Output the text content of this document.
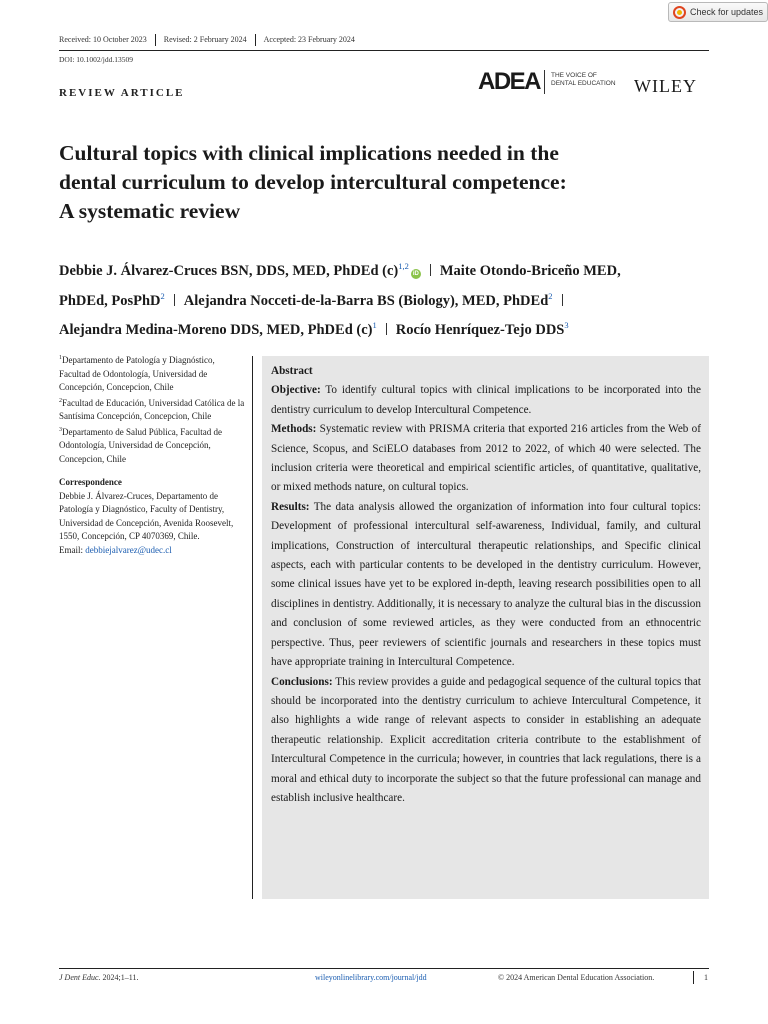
Check for updates
Received: 10 October 2023	Revised: 2 February 2024	Accepted: 23 February 2024
DOI: 10.1002/jdd.13509
REVIEW ARTICLE	ADEA THE VOICE OF
DENTAL EDUCATION	WILEY
Cultural topics with clinical implications needed in the
dental curriculum to develop intercultural competence:
A systematic review
Debbie J. Álvarez-Cruces BSN, DDS, MED, PhDEd $(c)^{1,2}iD$ Maite Otondo-Briceño MED,
PhDEd, PosPhD$^2$ Alejandra Nocceti-de-la-Barra BS (Biology), MED, PhDEd$^2$
Alejandra Medina-Moreno DDS, MED, PhDEd $(c)^1$ Rocío Henríquez-Tejo DDS$^3$
$^1$Departamento de Patología y Diagnóstico, Facultad de Odontología, Universidad de Concepción, Concepcion, Chile
$^2$Facultad de Educación, Universidad Católica de la Santísima Concepción, Concepcion, Chile
$^3$Departamento de Salud Pública, Facultad de Odontología, Universidad de Concepción, Concepcion, Chile
Correspondence
Debbie J. Álvarez-Cruces, Departamento de Patología y Diagnóstico, Faculty of Dentistry, Universidad de Concepción, Avenida Roosevelt, 1550, Concepción, CP 4070369, Chile.
Email: debbiejalvarez@udec.cl
Abstract

Objective: To identify cultural topics with clinical implications to be incorporated into the dentistry curriculum to develop Intercultural Competence.

Methods: Systematic review with PRISMA criteria that exported 216 articles from the Web of Science, Scopus, and SciELO databases from 2012 to 2022, of which 40 were selected. The inclusion criteria were theoretical and empirical scientific articles, of quantitative, qualitative, or mixed methods nature, on cultural topics.

Results: The data analysis allowed the organization of information into four cultural topics: Development of professional intercultural self-awareness, Individual, family, and cultural implications, Construction of intercultural therapeutic relationships, and Specific clinical aspects, each with particular contents to be developed in the dentistry curriculum. However, some clinical issues have yet to be explored in-depth, leaving research possibilities open to all disciplines in dentistry. Additionally, it is necessary to analyze the cultural bias in the discussion and conclusion of some reviewed articles, as they were conducted from an ethnocentric perspective. Thus, peer reviewers of scientific journals and researchers in these topics must have appropriate training in Intercultural Competence.

Conclusions: This review provides a guide and pedagogical sequence of the cultural topics that should be incorporated into the dentistry curriculum to achieve Intercultural Competence, it also highlights a wide range of relevant aspects to consider in establishing an adequate therapeutic relationship. Explicit accreditation criteria contribute to the establishment of Intercultural Competence in the curricula; however, in countries that lack regulations, there is a moral and ethical duty to incorporate the subject so that the future professional can manage and establish inclusive healthcare.

J Dent Educ. 2024;1–11.	wileyonlinelibrary.com/journal/jdd	© 2024 American Dental Education Association.	1
